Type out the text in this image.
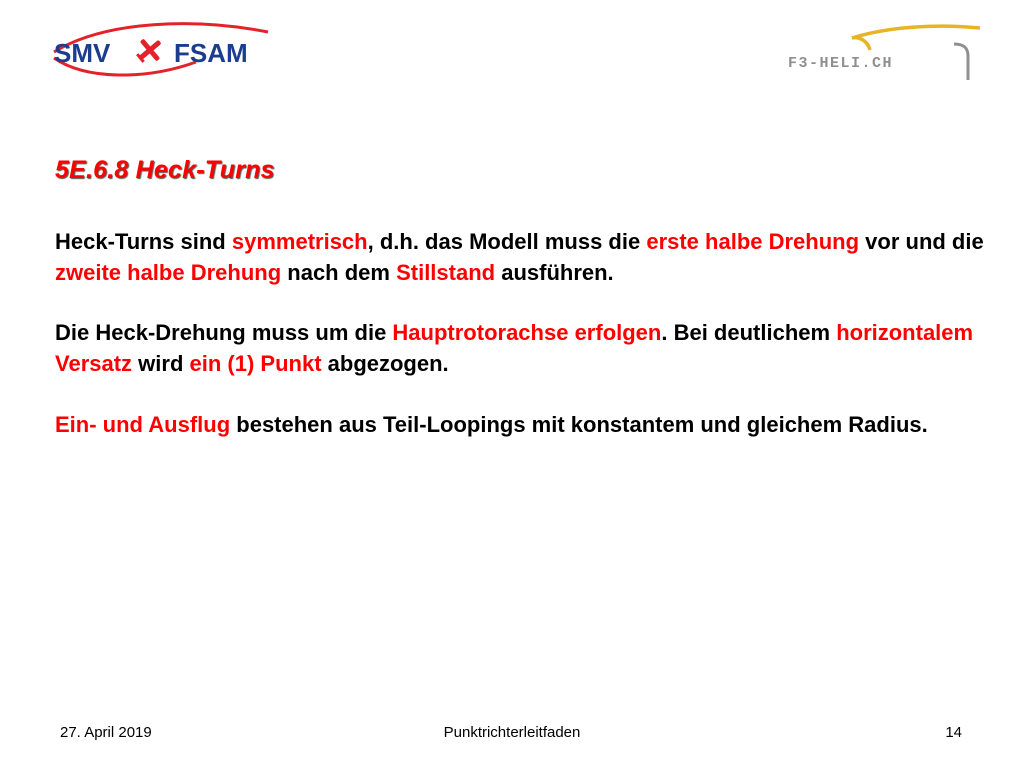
SMV FSAM	F3-HELI.CH
5E.6.8 Heck-Turns

Heck-Turns sind symmetrisch, d.h. das Modell muss die erste halbe Drehung vor und die zweite halbe Drehung nach dem Stillstand ausführen.

Die Heck-Drehung muss um die Hauptrotorachse erfolgen. Bei deutlichem horizontalem Versatz wird ein (1) Punkt abgezogen.

Ein- und Ausflug bestehen aus Teil-Loopings mit konstantem und gleichem Radius.

27. April 2019	Punktrichterleitfaden	14
